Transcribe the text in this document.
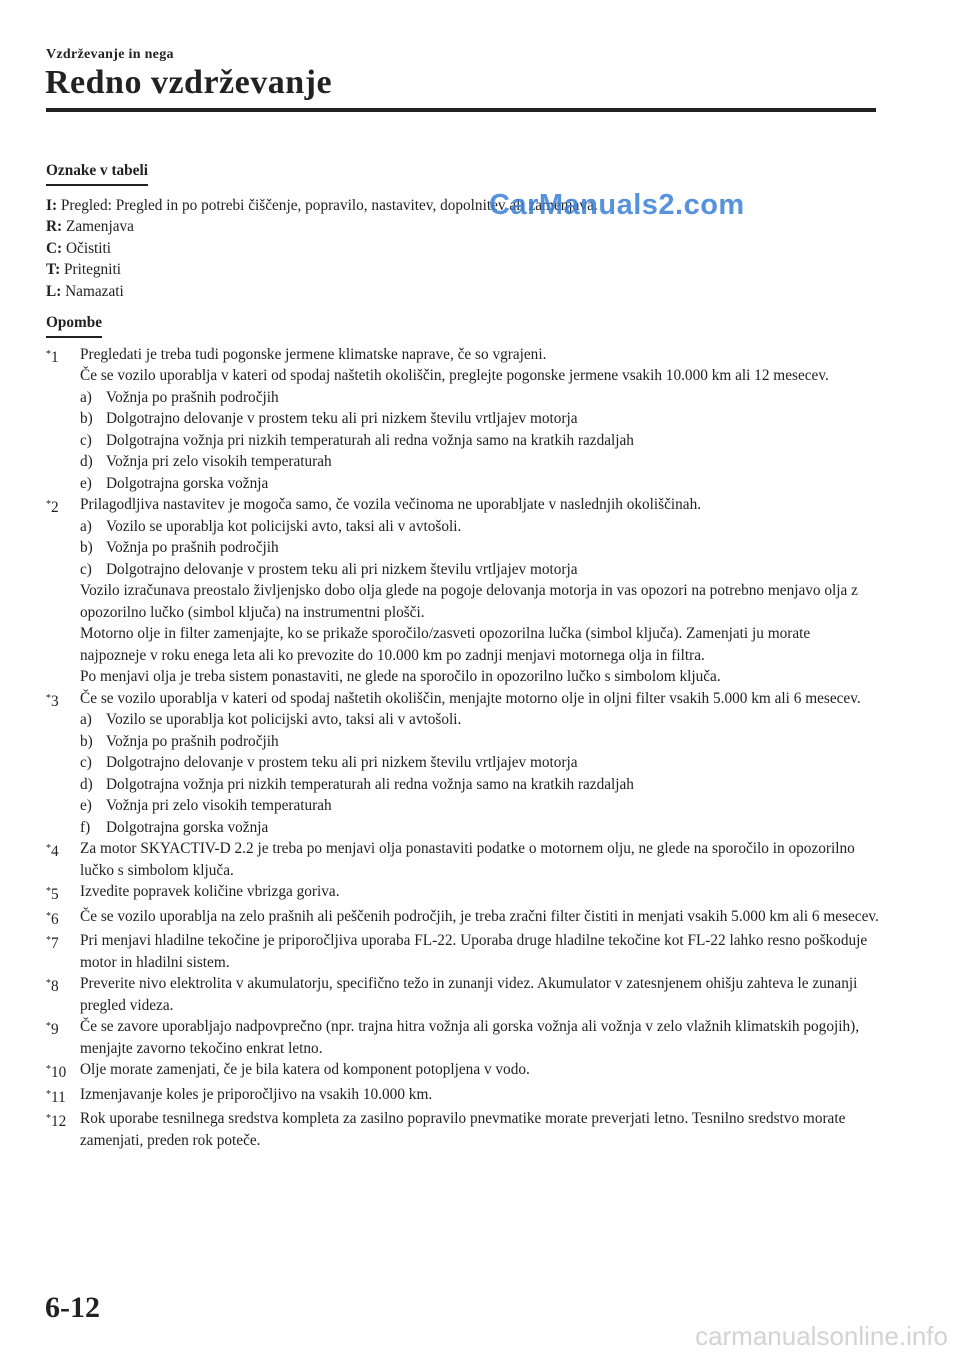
Vzdrževanje in nega
Redno vzdrževanje
Oznake v tabeli
I: Pregled: Pregled in po potrebi čiščenje, popravilo, nastavitev, dopolnitev ali zamenjava.
R: Zamenjava
C: Očistiti
T: Pritegniti
L: Namazati
Opombe
*1	Pregledati je treba tudi pogonske jermene klimatske naprave, če so vgrajeni.
Če se vozilo uporablja v kateri od spodaj naštetih okoliščin, preglejte pogonske jermene vsakih 10.000 km ali 12 mesecev.
a) Vožnja po prašnih področjih
b) Dolgotrajno delovanje v prostem teku ali pri nizkem številu vrtljajev motorja
c) Dolgotrajna vožnja pri nizkih temperaturah ali redna vožnja samo na kratkih razdaljah
d) Vožnja pri zelo visokih temperaturah
e) Dolgotrajna gorska vožnja
*2	Prilagodljiva nastavitev je mogoča samo, če vozila večinoma ne uporabljate v naslednjih okoliščinah.
a) Vozilo se uporablja kot policijski avto, taksi ali v avtošoli.
b) Vožnja po prašnih področjih
c) Dolgotrajno delovanje v prostem teku ali pri nizkem številu vrtljajev motorja
Vozilo izračunava preostalo življenjsko dobo olja glede na pogoje delovanja motorja in vas opozori na potrebno menjavo olja z opozorilno lučko (simbol ključa) na instrumentni plošči.
Motorno olje in filter zamenjajte, ko se prikaže sporočilo/zasveti opozorilna lučka (simbol ključa). Zamenjati ju morate najpozneje v roku enega leta ali ko prevozite do 10.000 km po zadnji menjavi motornega olja in filtra.
Po menjavi olja je treba sistem ponastaviti, ne glede na sporočilo in opozorilno lučko s simbolom ključa.
*3	Če se vozilo uporablja v kateri od spodaj naštetih okoliščin, menjajte motorno olje in oljni filter vsakih 5.000 km ali 6 mesecev.
a) Vozilo se uporablja kot policijski avto, taksi ali v avtošoli.
b) Vožnja po prašnih področjih
c) Dolgotrajno delovanje v prostem teku ali pri nizkem številu vrtljajev motorja
d) Dolgotrajna vožnja pri nizkih temperaturah ali redna vožnja samo na kratkih razdaljah
e) Vožnja pri zelo visokih temperaturah
f)	Dolgotrajna gorska vožnja
*4	Za motor SKYACTIV-D 2.2 je treba po menjavi olja ponastaviti podatke o motornem olju, ne glede na sporočilo in opozorilno lučko s simbolom ključa.
*5	Izvedite popravek količine vbrizga goriva.
*6	Če se vozilo uporablja na zelo prašnih ali peščenih področjih, je treba zračni filter čistiti in menjati vsakih 5.000 km ali 6 mesecev.
*7	Pri menjavi hladilne tekočine je priporočljiva uporaba FL-22. Uporaba druge hladilne tekočine kot FL-22 lahko resno poškoduje motor in hladilni sistem.
*8	Preverite nivo elektrolita v akumulatorju, specifično težo in zunanji videz. Akumulator v zatesnjenem ohišju zahteva le zunanji pregled videza.
*9	Če se zavore uporabljajo nadpovprečno (npr. trajna hitra vožnja ali gorska vožnja ali vožnja v zelo vlažnih klimatskih pogojih), menjajte zavorno tekočino enkrat letno.
*10 Olje morate zamenjati, če je bila katera od komponent potopljena v vodo.
*11 Izmenjavanje koles je priporočljivo na vsakih 10.000 km.
*12 Rok uporabe tesnilnega sredstva kompleta za zasilno popravilo pnevmatike morate preverjati letno. Tesnilno sredstvo morate zamenjati, preden rok poteče.
CarManuals2.com
6-12
carmanualsonline.info
